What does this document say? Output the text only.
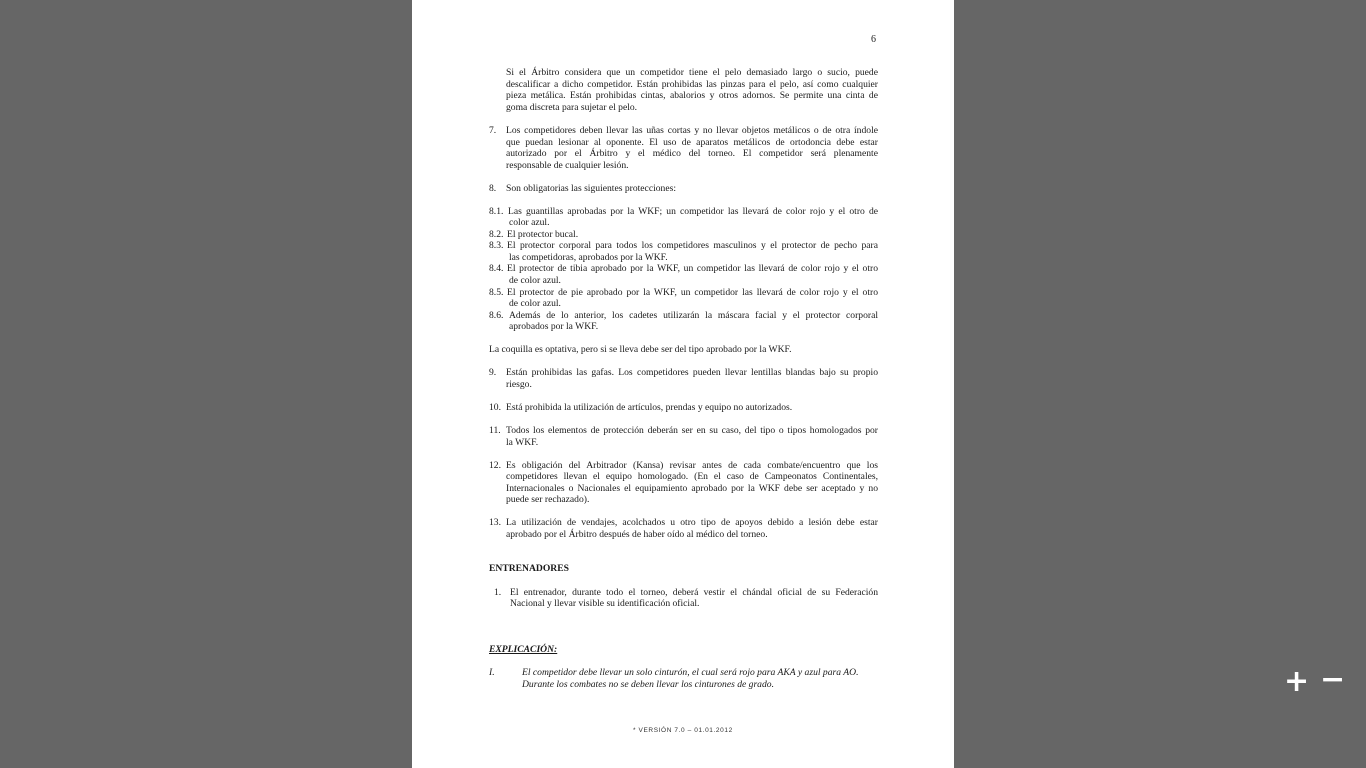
6
Si el Árbitro considera que un competidor tiene el pelo demasiado largo o sucio, puede
descalificar a dicho competidor. Están prohibidas las pinzas para el pelo, así como cualquier
pieza metálica. Están prohibidas cintas, abalorios y otros adornos. Se permite una cinta de
goma discreta para sujetar el pelo.
7. Los competidores deben llevar las uñas cortas y no llevar objetos metálicos o de otra índole
que puedan lesionar al oponente. El uso de aparatos metálicos de ortodoncia debe estar
autorizado por el Árbitro y el médico del torneo. El competidor será plenamente
responsable de cualquier lesión.
8. Son obligatorias las siguientes protecciones:
8.1. Las guantillas aprobadas por la WKF; un competidor las llevará de color rojo y el otro de
color azul.
8.2. El protector bucal.
8.3. El protector corporal para todos los competidores masculinos y el protector de pecho para
las competidoras, aprobados por la WKF.
8.4. El protector de tibia aprobado por la WKF, un competidor las llevará de color rojo y el otro
de color azul.
8.5. El protector de pie aprobado por la WKF, un competidor las llevará de color rojo y el otro
de color azul.
8.6. Además de lo anterior, los cadetes utilizarán la máscara facial y el protector corporal
aprobados por la WKF.
La coquilla es optativa, pero si se lleva debe ser del tipo aprobado por la WKF.
9. Están prohibidas las gafas. Los competidores pueden llevar lentillas blandas bajo su propio
riesgo.
10. Está prohibida la utilización de artículos, prendas y equipo no autorizados.
11. Todos los elementos de protección deberán ser en su caso, del tipo o tipos homologados por
la WKF.
12. Es obligación del Arbitrador (Kansa) revisar antes de cada combate/encuentro que los
competidores llevan el equipo homologado. (En el caso de Campeonatos Continentales,
Internacionales o Nacionales el equipamiento aprobado por la WKF debe ser aceptado y no
puede ser rechazado).
13. La utilización de vendajes, acolchados u otro tipo de apoyos debido a lesión debe estar
aprobado por el Árbitro después de haber oído al médico del torneo.
ENTRENADORES
1. El entrenador, durante todo el torneo, deberá vestir el chándal oficial de su Federación
Nacional y llevar visible su identificación oficial.
EXPLICACIÓN:
I.	El competidor debe llevar un solo cinturón, el cual será rojo para AKA y azul para AO.
Durante los combates no se deben llevar los cinturones de grado.
* VERSIÓN 7.0 – 01.01.2012
+ −
